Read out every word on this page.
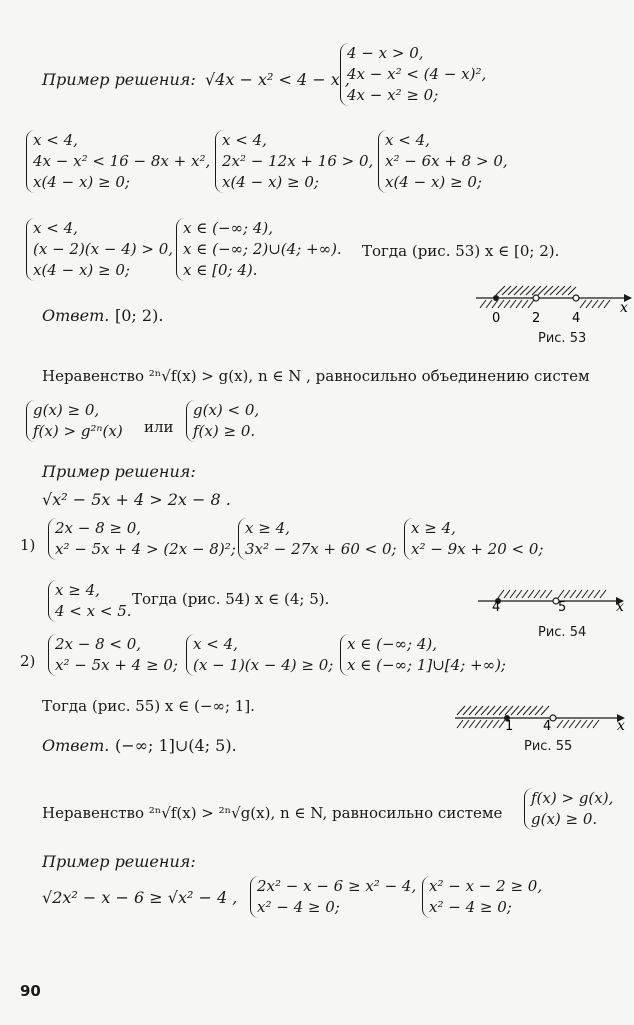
Пример решения: √4x − x² < 4 − x ,
4 − x > 0,
4x − x² < (4 − x)²,
4x − x² ≥ 0;
x < 4,
4x − x² < 16 − 8x + x²,
x(4 − x) ≥ 0;
x < 4,
2x² − 12x + 16 > 0,
x(4 − x) ≥ 0;
x < 4,
x² − 6x + 8 > 0,
x(4 − x) ≥ 0;
x < 4,
(x − 2)(x − 4) > 0,
x(4 − x) ≥ 0;
x ∈ (−∞; 4),
x ∈ (−∞; 2)∪(4; +∞).
x ∈ [0; 4).
Тогда (рис. 53) x ∈ [0; 2).
Ответ. [0; 2).	0 2 4
x
Рис. 53
Неравенство ²ⁿ√f(x) > g(x), n ∈ N , равносильно объединению систем
g(x) ≥ 0,
f(x) > g²ⁿ(x) или
g(x) < 0,
f(x) ≥ 0.
Пример решения:
√x² − 5x + 4 > 2x − 8 .
1)
2x − 8 ≥ 0,
x² − 5x + 4 > (2x − 8)²;
x ≥ 4,
3x² − 27x + 60 < 0;
x ≥ 4,
x² − 9x + 20 < 0;
x ≥ 4,
4 < x < 5.
Тогда (рис. 54) x ∈ (4; 5).	4	5	x
Рис. 54
2)
2x − 8 < 0,
x² − 5x + 4 ≥ 0;
x < 4,
(x − 1)(x − 4) ≥ 0;
x ∈ (−∞; 4),
x ∈ (−∞; 1]∪[4; +∞);
Тогда (рис. 55) x ∈ (−∞; 1].
1 4	x
Рис. 55
Ответ. (−∞; 1]∪(4; 5).
Неравенство ²ⁿ√f(x) > ²ⁿ√g(x), n ∈ N, равносильно системе
f(x) > g(x),
g(x) ≥ 0.
Пример решения:
√2x² − x − 6 ≥ √x² − 4 ,
2x² − x − 6 ≥ x² − 4,
x² − 4 ≥ 0;
x² − x − 2 ≥ 0,
x² − 4 ≥ 0;
90
